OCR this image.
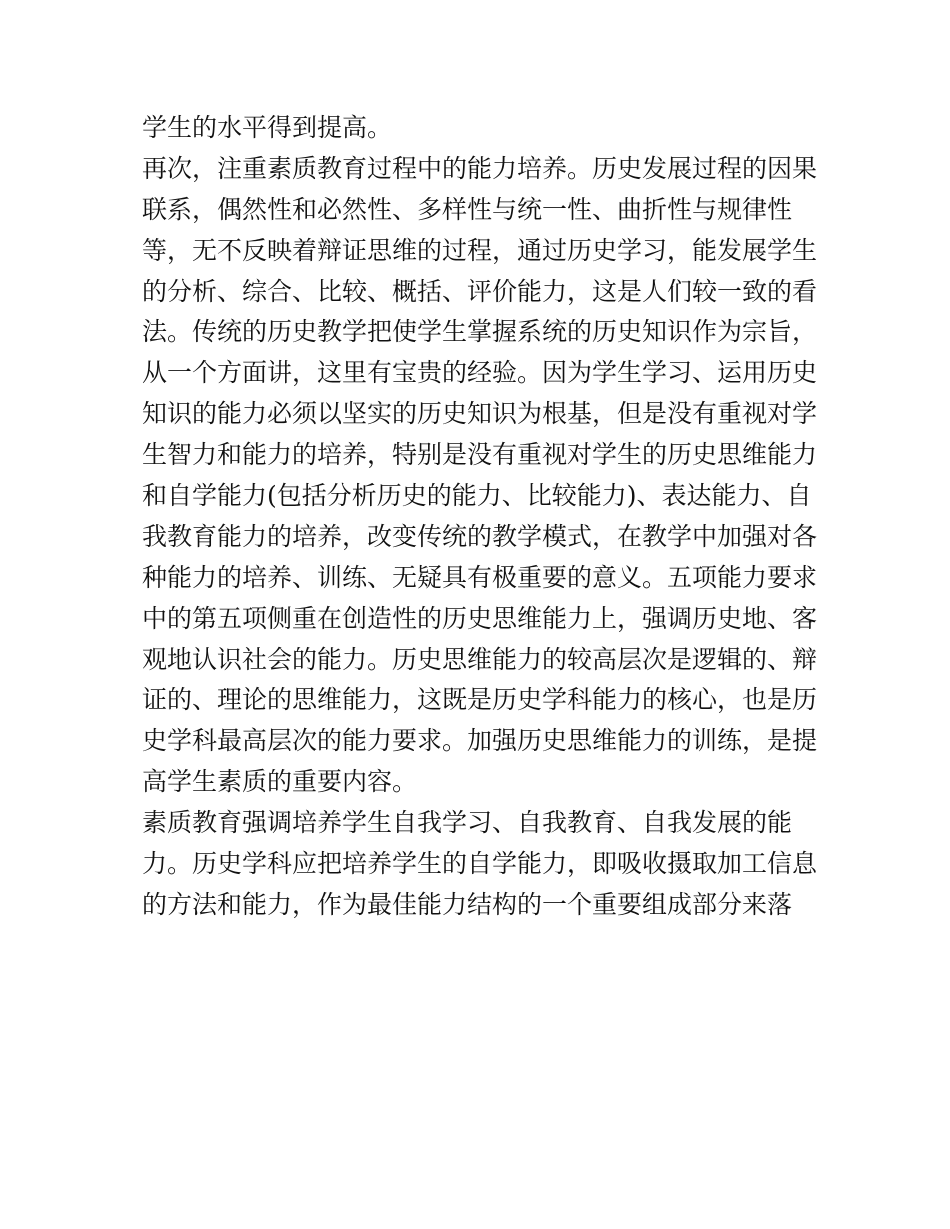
学生的水平得到提高。
再次，注重素质教育过程中的能力培养。历史发展过程的因果
联系，偶然性和必然性、多样性与统一性、曲折性与规律性
等，无不反映着辩证思维的过程，通过历史学习，能发展学生
的分析、综合、比较、概括、评价能力，这是人们较一致的看
法。传统的历史教学把使学生掌握系统的历史知识作为宗旨，
从一个方面讲，这里有宝贵的经验。因为学生学习、运用历史
知识的能力必须以坚实的历史知识为根基，但是没有重视对学
生智力和能力的培养，特别是没有重视对学生的历史思维能力
和自学能力(包括分析历史的能力、比较能力)、表达能力、自
我教育能力的培养，改变传统的教学模式，在教学中加强对各
种能力的培养、训练、无疑具有极重要的意义。五项能力要求
中的第五项侧重在创造性的历史思维能力上，强调历史地、客
观地认识社会的能力。历史思维能力的较高层次是逻辑的、辩
证的、理论的思维能力，这既是历史学科能力的核心，也是历
史学科最高层次的能力要求。加强历史思维能力的训练，是提
高学生素质的重要内容。
素质教育强调培养学生自我学习、自我教育、自我发展的能
力。历史学科应把培养学生的自学能力，即吸收摄取加工信息
的方法和能力，作为最佳能力结构的一个重要组成部分来落
